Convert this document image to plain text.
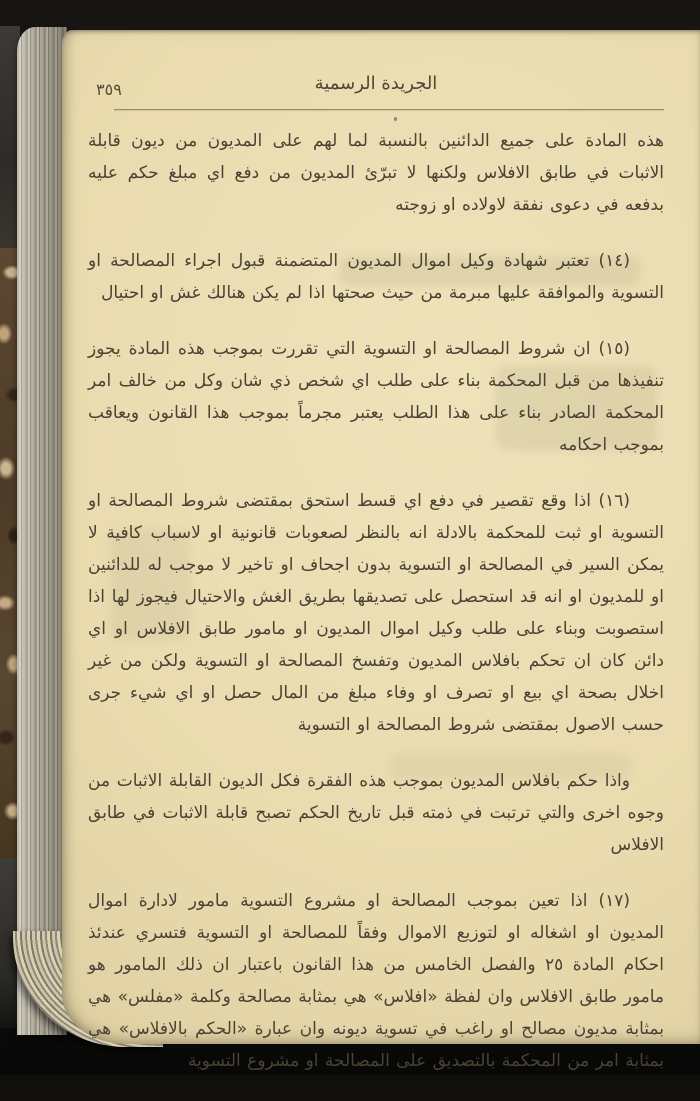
٣٥٩	الجريدة الرسمية

هذه المادة على جميع الدائنين بالنسبة لما لهم على المديون من ديون قابلة الاثبات في طابق الافلاس ولكنها لا تبرّئ المديون من دفع اي مبلغ حكم عليه بدفعه في دعوى نفقة لاولاده او زوجته

(١٤) تعتبر شهادة وكيل اموال المديون المتضمنة قبول اجراء المصالحة او التسوية والموافقة عليها مبرمة من حيث صحتها اذا لم يكن هنالك غش او احتيال

(١٥) ان شروط المصالحة او التسوية التي تقررت بموجب هذه المادة يجوز تنفيذها من قبل المحكمة بناء على طلب اي شخص ذي شان وكل من خالف امر المحكمة الصادر بناء على هذا الطلب يعتبر مجرماً بموجب هذا القانون ويعاقب بموجب احكامه

(١٦) اذا وقع تقصير في دفع اي قسط استحق بمقتضى شروط المصالحة او التسوية او ثبت للمحكمة بالادلة انه بالنظر لصعوبات قانونية او لاسباب كافية لا يمكن السير في المصالحة او التسوية بدون اجحاف او تاخير لا موجب له للدائنين او للمديون او انه قد استحصل على تصديقها بطريق الغش والاحتيال فيجوز لها اذا استصوبت وبناء على طلب وكيل اموال المديون او مامور طابق الافلاس او اي دائن كان ان تحكم بافلاس المديون وتفسخ المصالحة او التسوية ولكن من غير اخلال بصحة اي بيع او تصرف او وفاء مبلغ من المال حصل او اي شيء جرى حسب الاصول بمقتضى شروط المصالحة او التسوية

واذا حكم بافلاس المديون بموجب هذه الفقرة فكل الديون القابلة الاثبات من وجوه اخرى والتي ترتبت في ذمته قبل تاريخ الحكم تصبح قابلة الاثبات في طابق الافلاس

(١٧) اذا تعين بموجب المصالحة او مشروع التسوية مامور لادارة اموال المديون او اشغاله او لتوزيع الاموال وفقاً للمصالحة او التسوية فتسري عندئذ احكام المادة ٢٥ والفصل الخامس من هذا القانون باعتبار ان ذلك المامور هو مامور طابق الافلاس وان لفظة «افلاس» هي بمثابة مصالحة وكلمة «مفلس» هي بمثابة مديون مصالح او راغب في تسوية ديونه وان عبارة «الحكم بالافلاس» هي بمثابة امر من المحكمة بالتصديق على المصالحة او مشروع التسوية
